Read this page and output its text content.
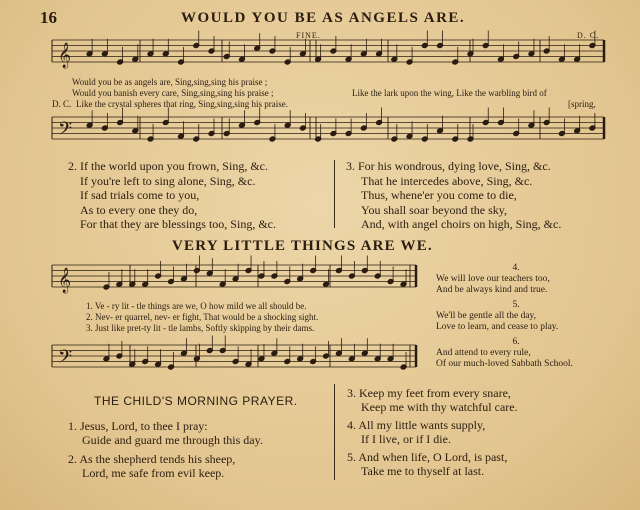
16	WOULD YOU BE AS ANGELS ARE.
FINE.	D. C.
𝄞
𝄢
𝄞
𝄢
Would you be as angels are, Sing,sing,sing his praise ;
Would you banish every care, Sing,sing,sing his praise ;
D. C. Like the crystal spheres that ring, Sing,sing,sing his praise.
Like the lark upon the wing, Like the warbling bird of
[spring,
2. If the world upon you frown, Sing, &c.
If you're left to sing alone, Sing, &c.
If sad trials come to you,
As to every one they do,
For that they are blessings too, Sing, &c.
3. For his wondrous, dying love, Sing, &c.
That he intercedes above, Sing, &c.
Thus, whene'er you come to die,
You shall soar beyond the sky,
And, with angel choirs on high, Sing, &c.
VERY LITTLE THINGS ARE WE.
1. Ve - ry lit - tle things are we, O how mild we all should be.
2. Nev- er quarrel, nev- er fight, That would be a shocking sight.
3. Just like pret-ty lit - tle lambs, Softly skipping by their dams.
4.
We will love our teachers too,
And be always kind and true.
5.
We'll be gentle all the day,
Love to learn, and cease to play.
6.
And attend to every rule,
Of our much-loved Sabbath School.
THE CHILD'S MORNING PRAYER.
1. Jesus, Lord, to thee I pray:
Guide and guard me through this day.
2. As the shepherd tends his sheep,
Lord, me safe from evil keep.
3. Keep my feet from every snare,
Keep me with thy watchful care.
4. All my little wants supply,
If I live, or if I die.
5. And when life, O Lord, is past,
Take me to thyself at last.
